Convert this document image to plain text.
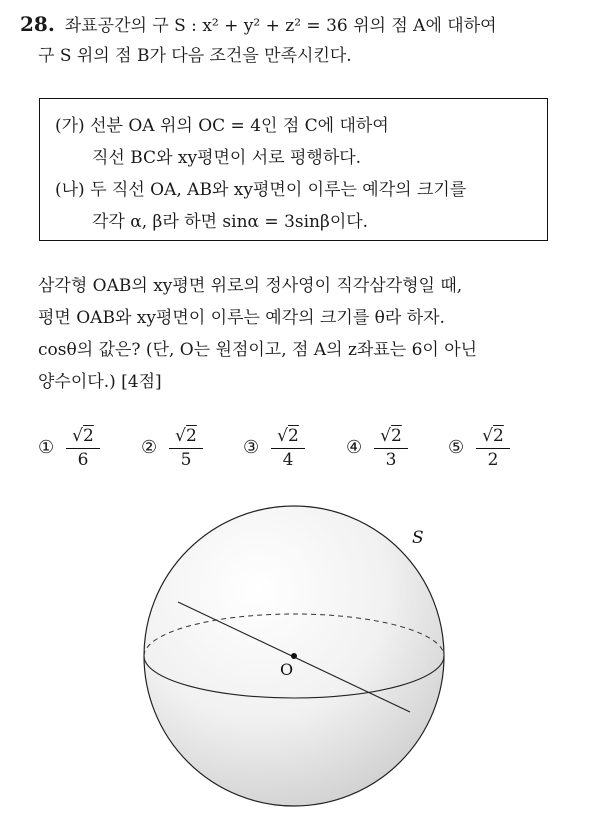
28. 좌표공간의 구 S : x² + y² + z² = 36 위의 점 A에 대하여
구 S 위의 점 B가 다음 조건을 만족시킨다.
(가) 선분 OA 위의 OC = 4인 점 C에 대하여
직선 BC와 xy평면이 서로 평행하다.
(나) 두 직선 OA, AB와 xy평면이 이루는 예각의 크기를
각각 α, β라 하면 sinα = 3sinβ이다.
삼각형 OAB의 xy평면 위로의 정사영이 직각삼각형일 때,
평면 OAB와 xy평면이 이루는 예각의 크기를 θ라 하자.
cosθ의 값은? (단, O는 원점이고, 점 A의 z좌표는 6이 아닌
양수이다.) [4점]
① $\frac{√2}{6}$ ② $\frac{√2}{5}$ ③ $\frac{√2}{4}$ ④ $\frac{√2}{3}$ ⑤ $\frac{√2}{2}$
O
S
